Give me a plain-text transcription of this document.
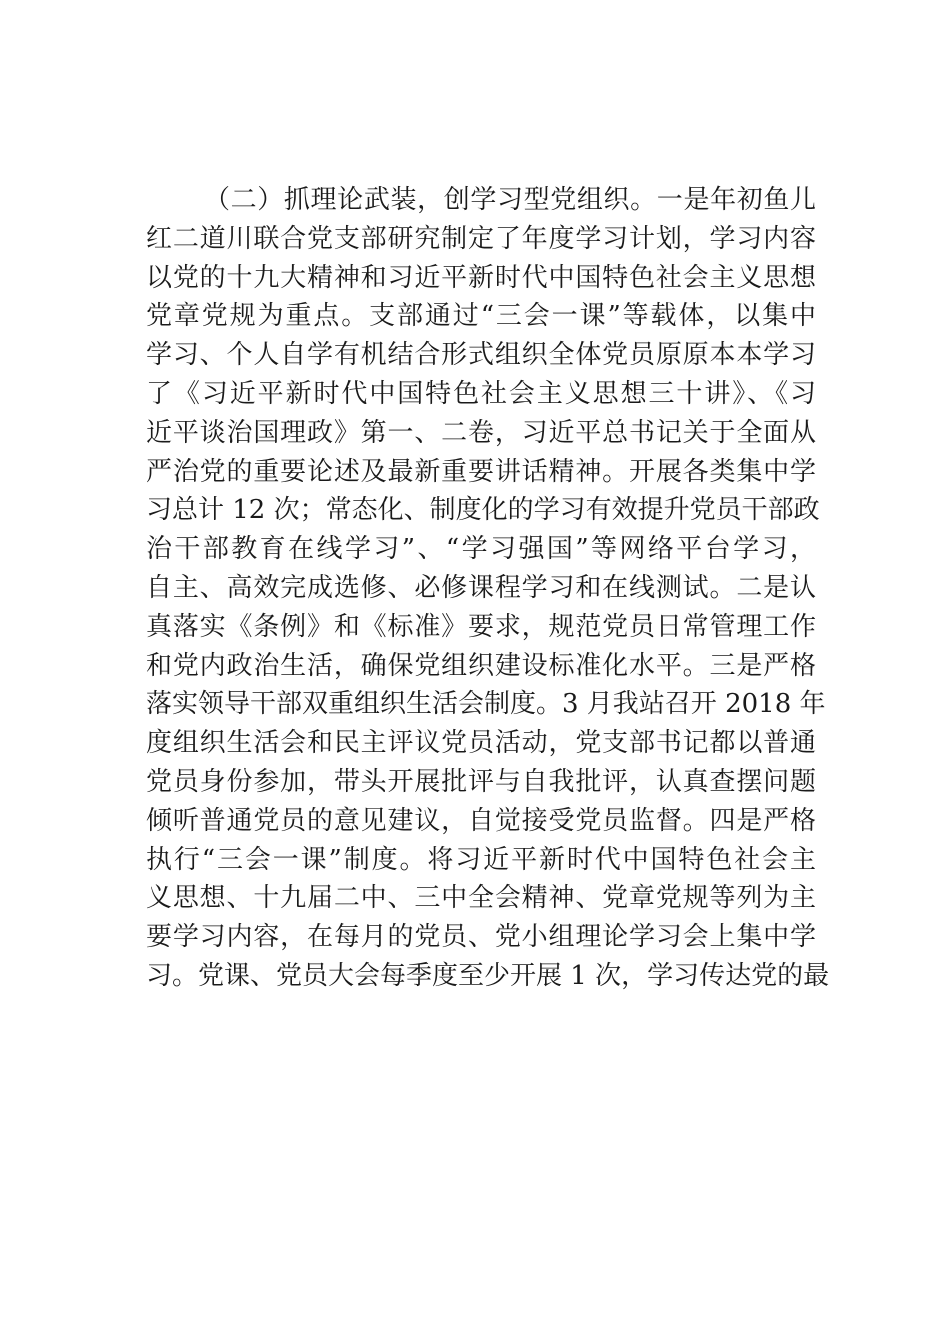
（二）抓理论武装，创学习型党组织。一是年初鱼儿
红二道川联合党支部研究制定了年度学习计划，学习内容
以党的十九大精神和习近平新时代中国特色社会主义思想
党章党规为重点。支部通过“三会一课”等载体，以集中
学习、个人自学有机结合形式组织全体党员原原本本学习
了《习近平新时代中国特色社会主义思想三十讲》、《习
近平谈治国理政》第一、二卷，习近平总书记关于全面从
严治党的重要论述及最新重要讲话精神。开展各类集中学
习总计 12 次；常态化、制度化的学习有效提升党员干部政
治干部教育在线学习”、“学习强国”等网络平台学习，
自主、高效完成选修、必修课程学习和在线测试。二是认
真落实《条例》和《标准》要求，规范党员日常管理工作
和党内政治生活，确保党组织建设标准化水平。三是严格
落实领导干部双重组织生活会制度。3 月我站召开 2018 年
度组织生活会和民主评议党员活动，党支部书记都以普通
党员身份参加，带头开展批评与自我批评，认真查摆问题
倾听普通党员的意见建议，自觉接受党员监督。四是严格
执行“三会一课”制度。将习近平新时代中国特色社会主
义思想、十九届二中、三中全会精神、党章党规等列为主
要学习内容，在每月的党员、党小组理论学习会上集中学
习。党课、党员大会每季度至少开展 1 次，学习传达党的最
